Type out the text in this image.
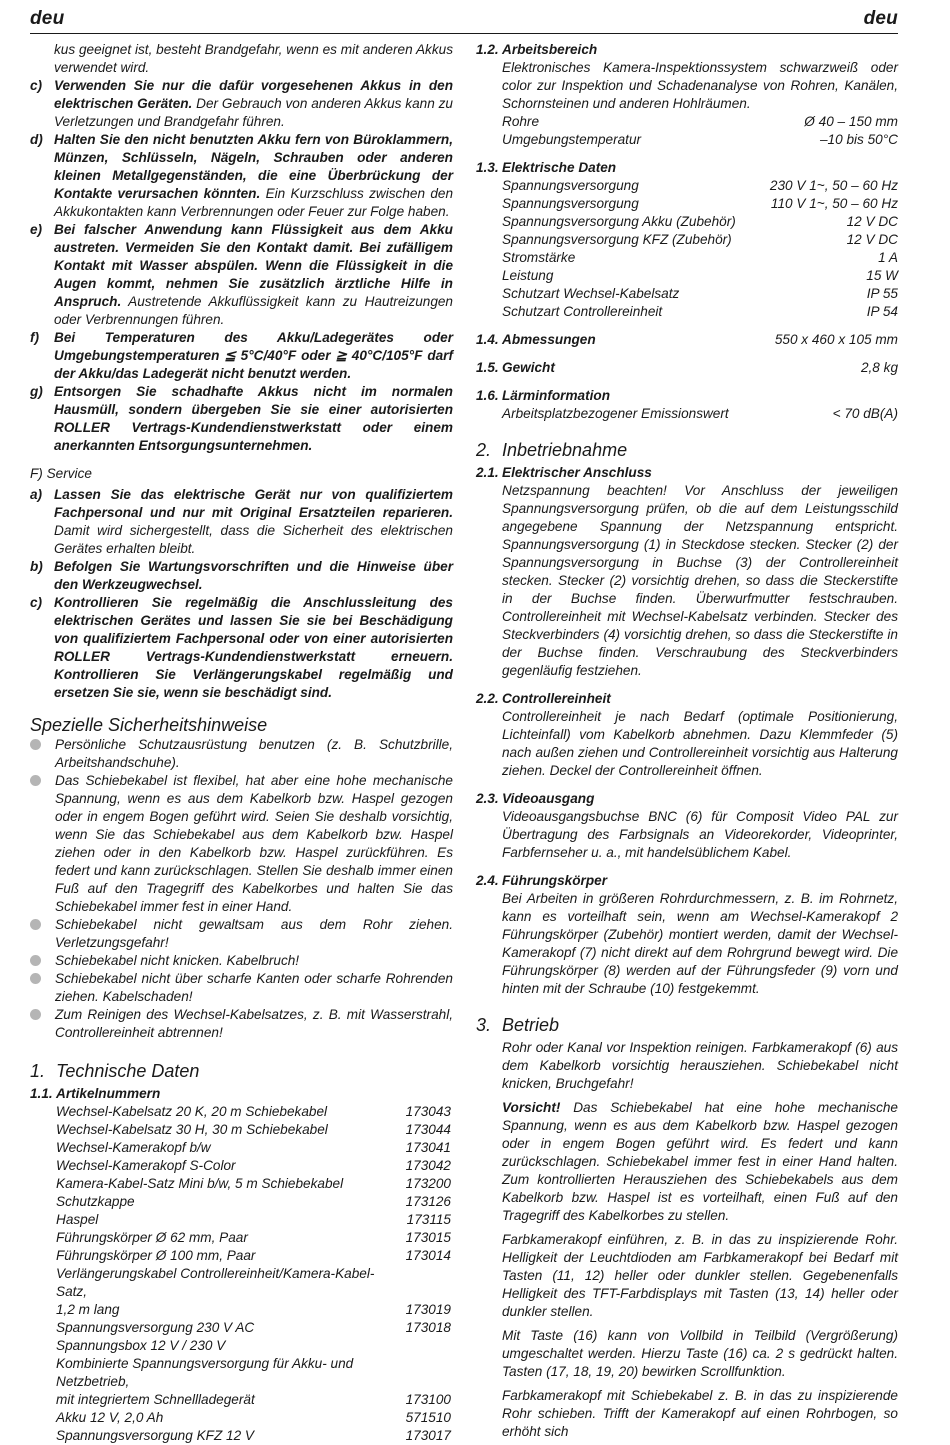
deu	deu

kus geeignet ist, besteht Brandgefahr, wenn es mit anderen Akkus verwendet wird.

c) Verwenden Sie nur die dafür vorgesehenen Akkus in den elektrischen Geräten. Der Gebrauch von anderen Akkus kann zu Verletzungen und Brandgefahr führen.
d) Halten Sie den nicht benutzten Akku fern von Büroklammern, Münzen, Schlüsseln, Nägeln, Schrauben oder anderen kleinen Metallgegenständen, die eine Überbrückung der Kontakte verursachen könnten. Ein Kurzschluss zwischen den Akkukontakten kann Verbrennungen oder Feuer zur Folge haben.
e) Bei falscher Anwendung kann Flüssigkeit aus dem Akku austreten. Vermeiden Sie den Kontakt damit. Bei zufälligem Kontakt mit Wasser abspülen. Wenn die Flüssigkeit in die Augen kommt, nehmen Sie zusätzlich ärztliche Hilfe in Anspruch. Austretende Akkuflüssigkeit kann zu Hautreizungen oder Verbrennungen führen.
f)	Bei Temperaturen des Akku/Ladegerätes oder Umgebungstemperaturen ≦ 5°C/40°F oder ≧ 40°C/105°F darf der Akku/das Ladegerät nicht benutzt werden.
g) Entsorgen Sie schadhafte Akkus nicht im normalen Hausmüll, sondern übergeben Sie sie einer autorisierten ROLLER Vertrags-Kundendienstwerkstatt oder einem anerkannten Entsorgungsunternehmen.

F) Service

a) Lassen Sie das elektrische Gerät nur von qualifiziertem Fachpersonal und nur mit Original Ersatzteilen reparieren. Damit wird sichergestellt, dass die Sicherheit des elektrischen Gerätes erhalten bleibt.
b) Befolgen Sie Wartungsvorschriften und die Hinweise über den Werkzeugwechsel.
c) Kontrollieren Sie regelmäßig die Anschlussleitung des elektrischen Gerätes und lassen Sie sie bei Beschädigung von qualifiziertem Fachpersonal oder von einer autorisierten ROLLER Vertrags-Kundendienstwerkstatt erneuern. Kontrollieren Sie Verlängerungskabel regelmäßig und ersetzen Sie sie, wenn sie beschädigt sind.

Spezielle Sicherheitshinweise

Persönliche Schutzausrüstung benutzen (z. B. Schutzbrille, Arbeitshandschuhe).
Das Schiebekabel ist flexibel, hat aber eine hohe mechanische Spannung, wenn es aus dem Kabelkorb bzw. Haspel gezogen oder in engem Bogen geführt wird. Seien Sie deshalb vorsichtig, wenn Sie das Schiebekabel aus dem Kabelkorb bzw. Haspel ziehen oder in den Kabelkorb bzw. Haspel zurückführen. Es federt und kann zurückschlagen. Stellen Sie deshalb immer einen Fuß auf den Tragegriff des Kabelkorbes und halten Sie das Schiebekabel immer fest in einer Hand.
Schiebekabel nicht gewaltsam aus dem Rohr ziehen. Verletzungsgefahr!
Schiebekabel nicht knicken. Kabelbruch!
Schiebekabel nicht über scharfe Kanten oder scharfe Rohrenden ziehen. Kabelschaden!
Zum Reinigen des Wechsel-Kabelsatzes, z. B. mit Wasserstrahl, Controllereinheit abtrennen!
1. Technische Daten
1.1. Artikelnummern
Wechsel-Kabelsatz 20 K, 20 m Schiebekabel	173043
Wechsel-Kabelsatz 30 H, 30 m Schiebekabel	173044
Wechsel-Kamerakopf b/w	173041
Wechsel-Kamerakopf S-Color	173042
Kamera-Kabel-Satz Mini b/w, 5 m Schiebekabel	173200
Schutzkappe	173126
Haspel	173115
Führungskörper Ø 62 mm, Paar	173015
Führungskörper Ø 100 mm, Paar	173014
Verlängerungskabel Controllereinheit/Kamera-Kabel-Satz,
1,2 m lang	173019
Spannungsversorgung 230 V AC	173018
Spannungsbox 12 V / 230 V
Kombinierte Spannungsversorgung für Akku- und Netzbetrieb,
mit integriertem Schnellladegerät	173100
Akku 12 V, 2,0 Ah	571510
Spannungsversorgung KFZ 12 V	173017
1.2. Arbeitsbereich

Elektronisches Kamera-Inspektionssystem schwarzweiß oder color zur Inspektion und Schadenanalyse von Rohren, Kanälen, Schornsteinen und anderen Hohlräumen.

Rohre	Ø 40 – 150 mm
Umgebungstemperatur	–10 bis 50°C
1.3. Elektrische Daten
Spannungsversorgung	230 V 1~, 50 – 60 Hz
Spannungsversorgung	110 V 1~, 50 – 60 Hz
Spannungsversorgung Akku (Zubehör)	12 V DC
Spannungsversorgung KFZ (Zubehör)	12 V DC
Stromstärke	1 A
Leistung	15 W
Schutzart Wechsel-Kabelsatz	IP 55
Schutzart Controllereinheit	IP 54
1.4. Abmessungen	550 x 460 x 105 mm
1.5. Gewicht	2,8 kg
1.6. Lärminformation
Arbeitsplatzbezogener Emissionswert	< 70 dB(A)
2. Inbetriebnahme
2.1. Elektrischer Anschluss

Netzspannung beachten! Vor Anschluss der jeweiligen Spannungsversorgung prüfen, ob die auf dem Leistungsschild angegebene Spannung der Netzspannung entspricht. Spannungsversorgung (1) in Steckdose stecken. Stecker (2) der Spannungsversorgung in Buchse (3) der Controllereinheit stecken. Stecker (2) vorsichtig drehen, so dass die Steckerstifte in der Buchse finden. Überwurfmutter festschrauben. Controllereinheit mit Wechsel-Kabelsatz verbinden. Stecker des Steckverbinders (4) vorsichtig drehen, so dass die Steckerstifte in der Buchse finden. Verschraubung des Steckverbinders gegenläufig festziehen.

2.2. Controllereinheit

Controllereinheit je nach Bedarf (optimale Positionierung, Lichteinfall) vom Kabelkorb abnehmen. Dazu Klemmfeder (5) nach außen ziehen und Controllereinheit vorsichtig aus Halterung ziehen. Deckel der Controllereinheit öffnen.

2.3. Videoausgang

Videoausgangsbuchse BNC (6) für Composit Video PAL zur Übertragung des Farbsignals an Videorekorder, Videoprinter, Farbfernseher u. a., mit handelsüblichem Kabel.

2.4. Führungskörper

Bei Arbeiten in größeren Rohrdurchmessern, z. B. im Rohrnetz, kann es vorteilhaft sein, wenn am Wechsel-Kamerakopf 2 Führungskörper (Zubehör) montiert werden, damit der Wechsel-Kamerakopf (7) nicht direkt auf dem Rohrgrund bewegt wird. Die Führungskörper (8) werden auf der Führungsfeder (9) vorn und hinten mit der Schraube (10) festgekemmt.

3. Betrieb

Rohr oder Kanal vor Inspektion reinigen. Farbkamerakopf (6) aus dem Kabelkorb vorsichtig herausziehen. Schiebekabel nicht knicken, Bruchgefahr!

Vorsicht! Das Schiebekabel hat eine hohe mechanische Spannung, wenn es aus dem Kabelkorb bzw. Haspel gezogen oder in engem Bogen geführt wird. Es federt und kann zurückschlagen. Schiebekabel immer fest in einer Hand halten. Zum kontrollierten Herausziehen des Schiebekabels aus dem Kabelkorb bzw. Haspel ist es vorteilhaft, einen Fuß auf den Tragegriff des Kabelkorbes zu stellen.

Farbkamerakopf einführen, z. B. in das zu inspizierende Rohr. Helligkeit der Leuchtdioden am Farbkamerakopf bei Bedarf mit Tasten (11, 12) heller oder dunkler stellen. Gegebenenfalls Helligkeit des TFT-Farbdisplays mit Tasten (13, 14) heller oder dunkler stellen.

Mit Taste (16) kann von Vollbild in Teilbild (Vergrößerung) umgeschaltet werden. Hierzu Taste (16) ca. 2 s gedrückt halten. Tasten (17, 18, 19, 20) bewirken Scrollfunktion.

Farbkamerakopf mit Schiebekabel z. B. in das zu inspizierende Rohr schieben. Trifft der Kamerakopf auf einen Rohrbogen, so erhöht sich
